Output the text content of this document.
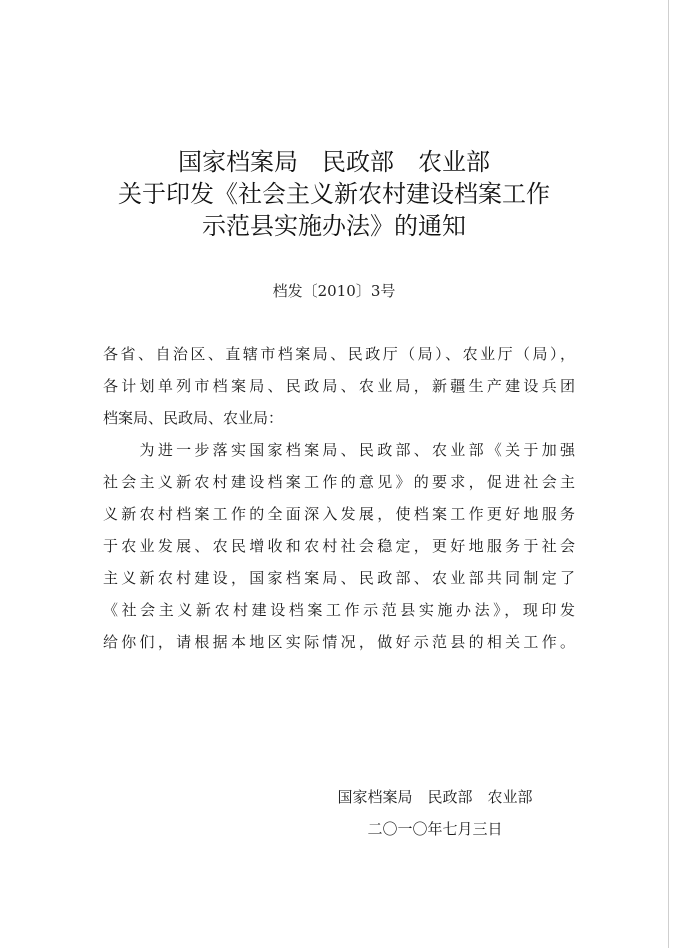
国家档案局　民政部　农业部
关于印发《社会主义新农村建设档案工作
示范县实施办法》的通知
档发〔2010〕3号
各省、自治区、直辖市档案局、民政厅（局）、农业厅（局），
各计划单列市档案局、民政局、农业局，新疆生产建设兵团
档案局、民政局、农业局：
　　为进一步落实国家档案局、民政部、农业部《关于加强
社会主义新农村建设档案工作的意见》的要求，促进社会主
义新农村档案工作的全面深入发展，使档案工作更好地服务
于农业发展、农民增收和农村社会稳定，更好地服务于社会
主义新农村建设，国家档案局、民政部、农业部共同制定了
《社会主义新农村建设档案工作示范县实施办法》，现印发
给你们，请根据本地区实际情况，做好示范县的相关工作。
国家档案局　民政部　农业部
二〇一〇年七月三日
